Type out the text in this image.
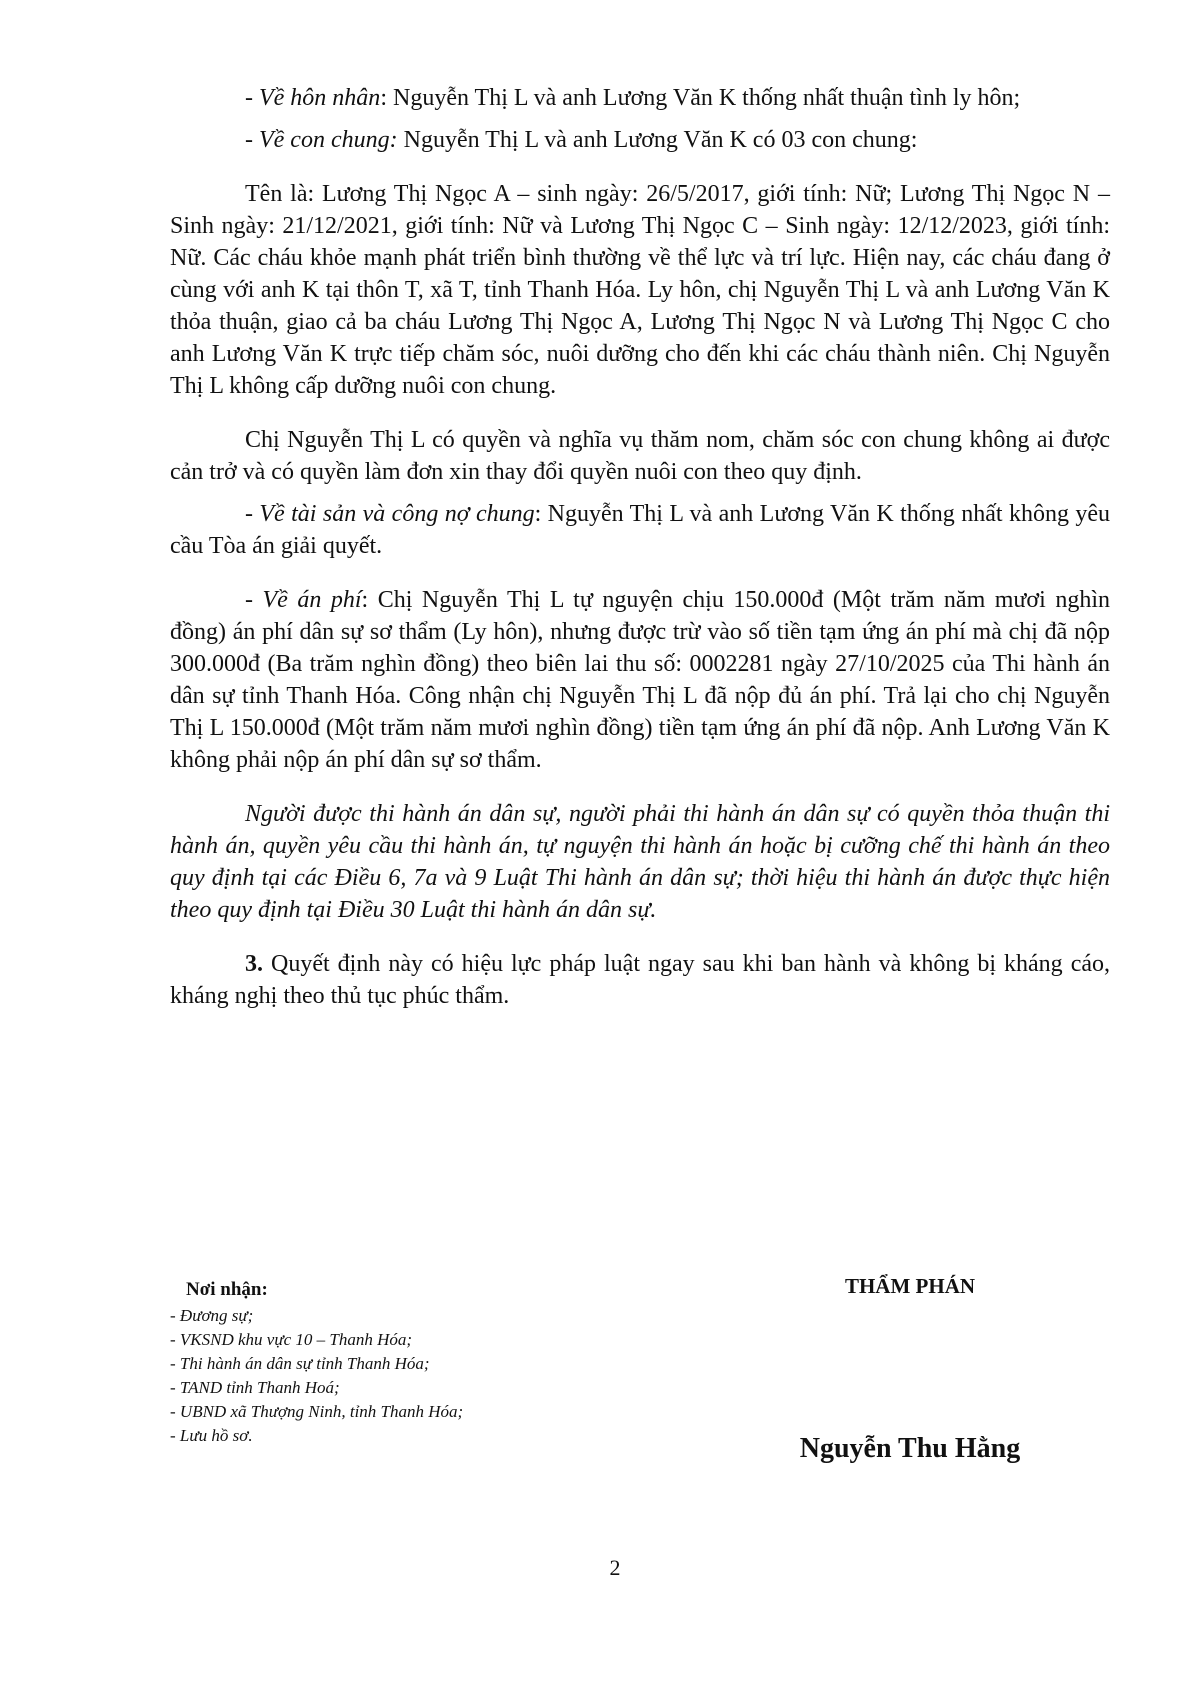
- Về hôn nhân: Nguyễn Thị L và anh Lương Văn K thống nhất thuận tình ly hôn;

- Về con chung: Nguyễn Thị L và anh Lương Văn K có 03 con chung:

Tên là: Lương Thị Ngọc A – sinh ngày: 26/5/2017, giới tính: Nữ; Lương Thị Ngọc N – Sinh ngày: 21/12/2021, giới tính: Nữ và Lương Thị Ngọc C – Sinh ngày: 12/12/2023, giới tính: Nữ. Các cháu khỏe mạnh phát triển bình thường về thể lực và trí lực. Hiện nay, các cháu đang ở cùng với anh K tại thôn T, xã T, tỉnh Thanh Hóa. Ly hôn, chị Nguyễn Thị L và anh Lương Văn K thỏa thuận, giao cả ba cháu Lương Thị Ngọc A, Lương Thị Ngọc N và Lương Thị Ngọc C cho anh Lương Văn K trực tiếp chăm sóc, nuôi dưỡng cho đến khi các cháu thành niên. Chị Nguyễn Thị L không cấp dưỡng nuôi con chung.

Chị Nguyễn Thị L có quyền và nghĩa vụ thăm nom, chăm sóc con chung không ai được cản trở và có quyền làm đơn xin thay đổi quyền nuôi con theo quy định.

- Về tài sản và công nợ chung: Nguyễn Thị L và anh Lương Văn K thống nhất không yêu cầu Tòa án giải quyết.

- Về án phí: Chị Nguyễn Thị L tự nguyện chịu 150.000đ (Một trăm năm mươi nghìn đồng) án phí dân sự sơ thẩm (Ly hôn), nhưng được trừ vào số tiền tạm ứng án phí mà chị đã nộp 300.000đ (Ba trăm nghìn đồng) theo biên lai thu số: 0002281 ngày 27/10/2025 của Thi hành án dân sự tỉnh Thanh Hóa. Công nhận chị Nguyễn Thị L đã nộp đủ án phí. Trả lại cho chị Nguyễn Thị L 150.000đ (Một trăm năm mươi nghìn đồng) tiền tạm ứng án phí đã nộp. Anh Lương Văn K không phải nộp án phí dân sự sơ thẩm.

Người được thi hành án dân sự, người phải thi hành án dân sự có quyền thỏa thuận thi hành án, quyền yêu cầu thi hành án, tự nguyện thi hành án hoặc bị cưỡng chế thi hành án theo quy định tại các Điều 6, 7a và 9 Luật Thi hành án dân sự; thời hiệu thi hành án được thực hiện theo quy định tại Điều 30 Luật thi hành án dân sự.

3. Quyết định này có hiệu lực pháp luật ngay sau khi ban hành và không bị kháng cáo, kháng nghị theo thủ tục phúc thẩm.

Nơi nhận:
- Đương sự;
- VKSND khu vực 10 – Thanh Hóa;
- Thi hành án dân sự tỉnh Thanh Hóa;
- TAND tỉnh Thanh Hoá;
- UBND xã Thượng Ninh, tỉnh Thanh Hóa;
- Lưu hồ sơ.
THẨM PHÁN
Nguyễn Thu Hằng
2
